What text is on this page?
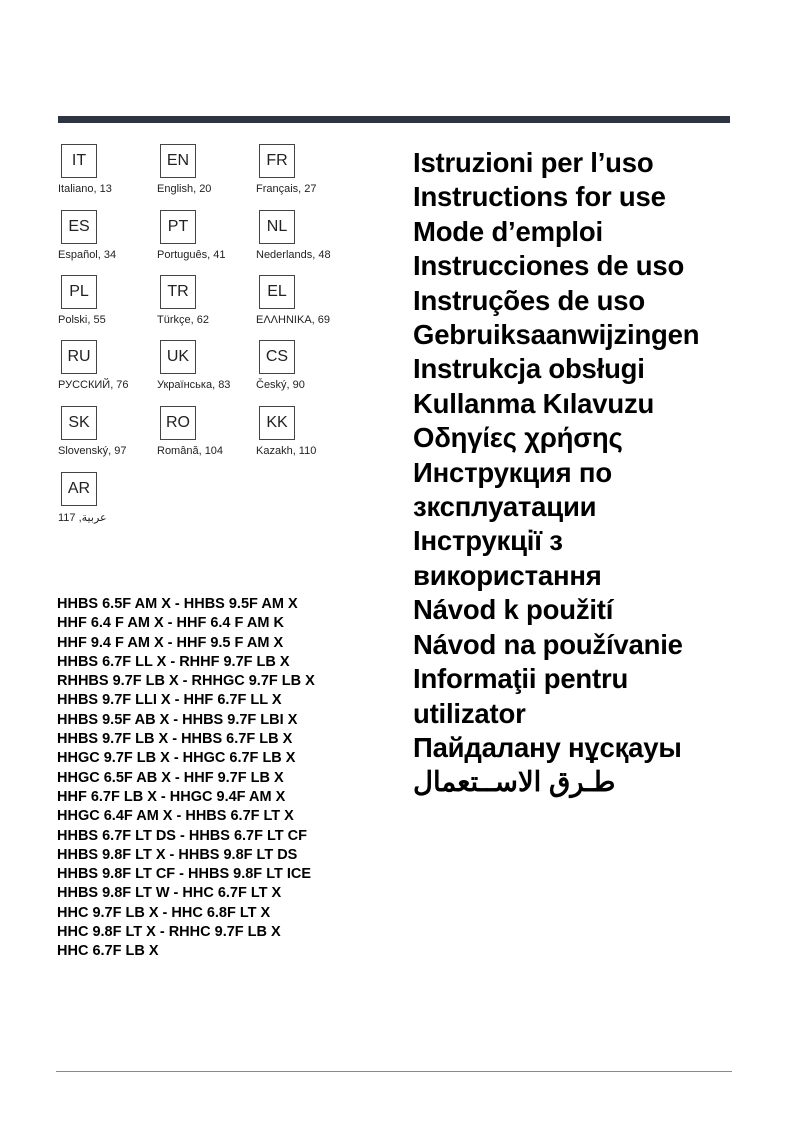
IT
Italiano, 13
EN
English, 20
FR
Français, 27
ES
Español, 34
PT
Português, 41
NL
Nederlands, 48
PL
Polski, 55
TR
Türkçe, 62
EL
ΕΛΛΗΝΙΚΑ, 69
RU
РУССКИЙ, 76
UK
Українська, 83
CS
Český, 90
SK
Slovenský, 97
RO
Română, 104
KK
Kazakh, 110
AR
عربية, 117
HHBS 6.5F AM X - HHBS 9.5F AM X
HHF 6.4 F AM X - HHF 6.4 F AM K
HHF 9.4 F AM X - HHF 9.5 F AM X
HHBS 6.7F LL X - RHHF 9.7F LB X
RHHBS 9.7F LB X - RHHGC 9.7F LB X
HHBS 9.7F LLI X - HHF 6.7F LL X
HHBS 9.5F AB X - HHBS 9.7F LBI X
HHBS 9.7F LB X - HHBS 6.7F LB X
HHGC 9.7F LB X - HHGC 6.7F LB X
HHGC 6.5F AB X - HHF 9.7F LB X
HHF 6.7F LB X - HHGC 9.4F AM X
HHGC 6.4F AM X - HHBS 6.7F LT X
HHBS 6.7F LT DS - HHBS 6.7F LT CF
HHBS 9.8F LT X - HHBS 9.8F LT DS
HHBS 9.8F LT CF - HHBS 9.8F LT ICE
HHBS 9.8F LT W - HHC 6.7F LT X
HHC 9.7F LB X - HHC 6.8F LT X
HHC 9.8F LT X - RHHC 9.7F LB X
HHC 6.7F LB X
Istruzioni per l’uso
Instructions for use
Mode d’emploi
Instrucciones de uso
Instruções de uso
Gebruiksaanwijzingen
Instrukcja obsługi
Kullanma Kılavuzu
Οδηγίες χρήσης
Инструкция по
зксплуатации
Інструкції з
використання
Návod k použití
Návod na používanie
Informaţii pentru
utilizator
Пайдалану нұсқауы
طـرق الاســتعمال
